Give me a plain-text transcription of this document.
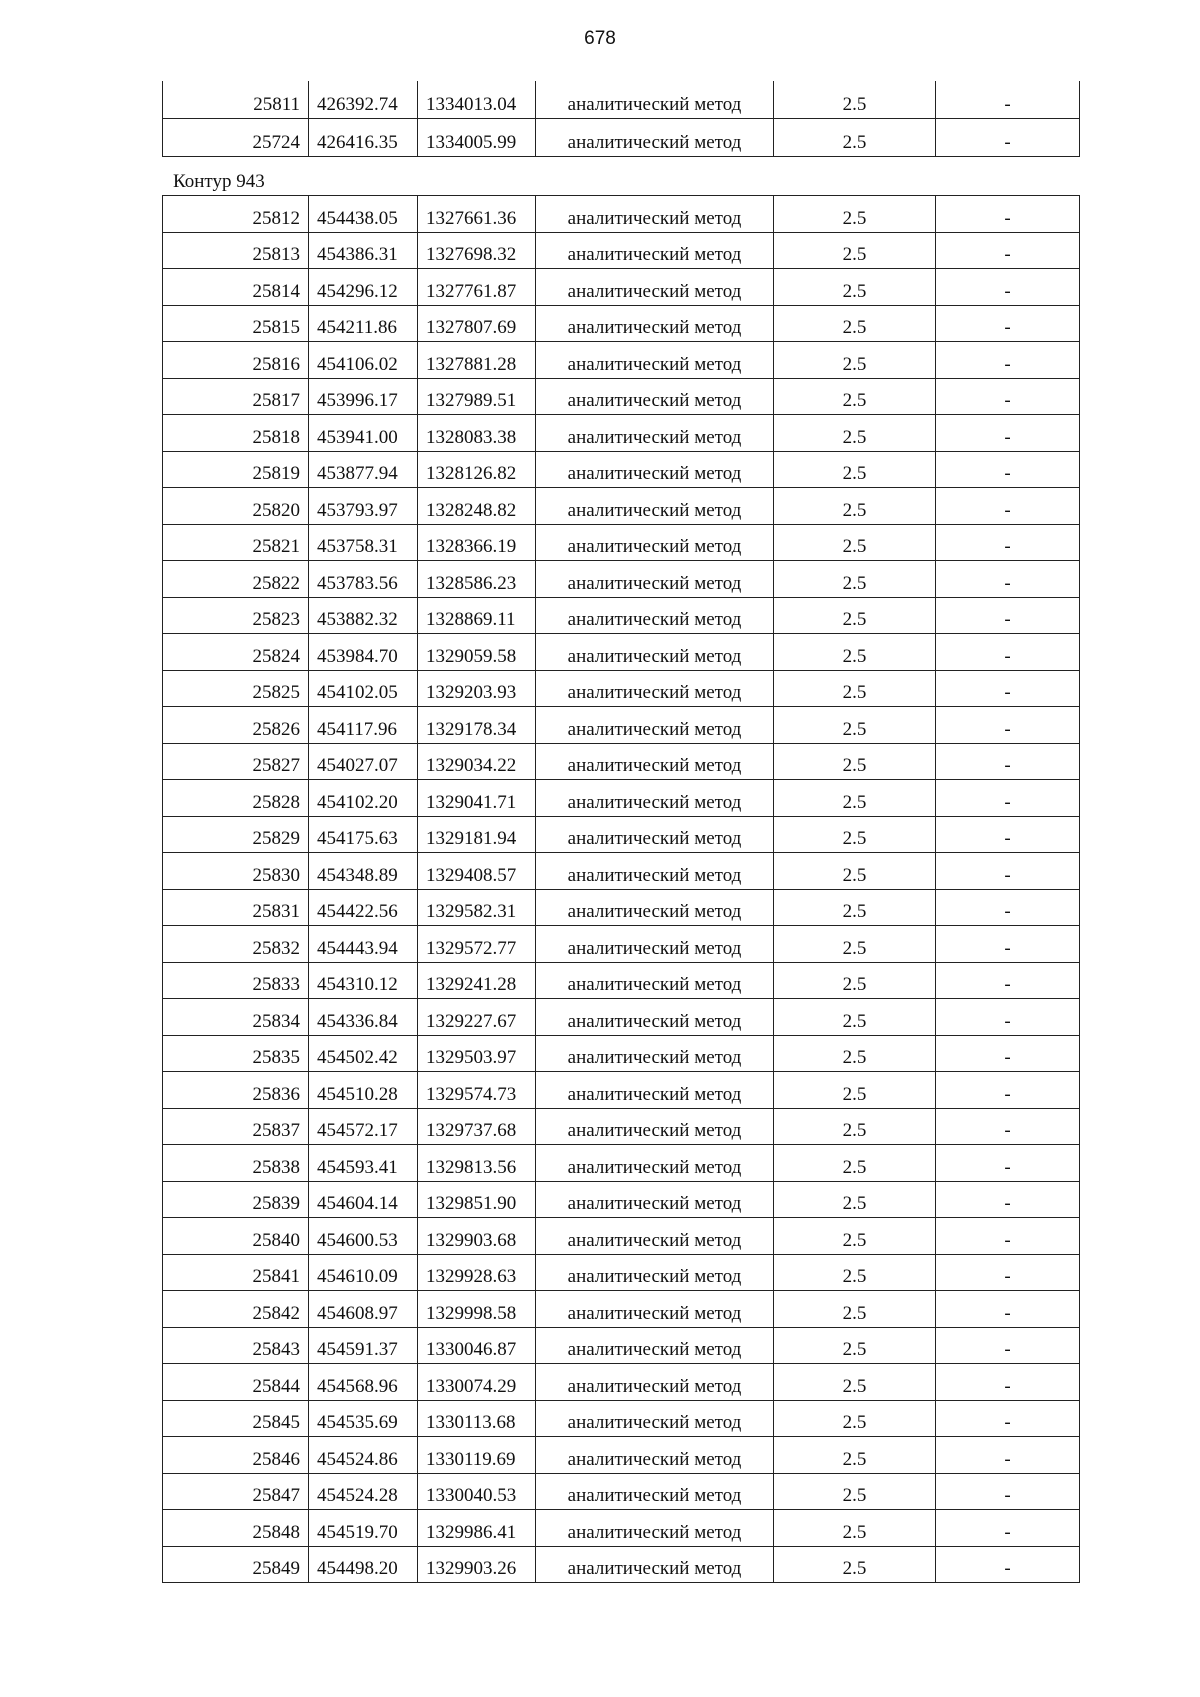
678
25811	426392.74	1334013.04	аналитический метод	2.5	-
25724	426416.35	1334005.99	аналитический метод	2.5	-
Контур 943
25812	454438.05	1327661.36	аналитический метод	2.5	-
25813	454386.31	1327698.32	аналитический метод	2.5	-
25814	454296.12	1327761.87	аналитический метод	2.5	-
25815	454211.86	1327807.69	аналитический метод	2.5	-
25816	454106.02	1327881.28	аналитический метод	2.5	-
25817	453996.17	1327989.51	аналитический метод	2.5	-
25818	453941.00	1328083.38	аналитический метод	2.5	-
25819	453877.94	1328126.82	аналитический метод	2.5	-
25820	453793.97	1328248.82	аналитический метод	2.5	-
25821	453758.31	1328366.19	аналитический метод	2.5	-
25822	453783.56	1328586.23	аналитический метод	2.5	-
25823	453882.32	1328869.11	аналитический метод	2.5	-
25824	453984.70	1329059.58	аналитический метод	2.5	-
25825	454102.05	1329203.93	аналитический метод	2.5	-
25826	454117.96	1329178.34	аналитический метод	2.5	-
25827	454027.07	1329034.22	аналитический метод	2.5	-
25828	454102.20	1329041.71	аналитический метод	2.5	-
25829	454175.63	1329181.94	аналитический метод	2.5	-
25830	454348.89	1329408.57	аналитический метод	2.5	-
25831	454422.56	1329582.31	аналитический метод	2.5	-
25832	454443.94	1329572.77	аналитический метод	2.5	-
25833	454310.12	1329241.28	аналитический метод	2.5	-
25834	454336.84	1329227.67	аналитический метод	2.5	-
25835	454502.42	1329503.97	аналитический метод	2.5	-
25836	454510.28	1329574.73	аналитический метод	2.5	-
25837	454572.17	1329737.68	аналитический метод	2.5	-
25838	454593.41	1329813.56	аналитический метод	2.5	-
25839	454604.14	1329851.90	аналитический метод	2.5	-
25840	454600.53	1329903.68	аналитический метод	2.5	-
25841	454610.09	1329928.63	аналитический метод	2.5	-
25842	454608.97	1329998.58	аналитический метод	2.5	-
25843	454591.37	1330046.87	аналитический метод	2.5	-
25844	454568.96	1330074.29	аналитический метод	2.5	-
25845	454535.69	1330113.68	аналитический метод	2.5	-
25846	454524.86	1330119.69	аналитический метод	2.5	-
25847	454524.28	1330040.53	аналитический метод	2.5	-
25848	454519.70	1329986.41	аналитический метод	2.5	-
25849	454498.20	1329903.26	аналитический метод	2.5	-
